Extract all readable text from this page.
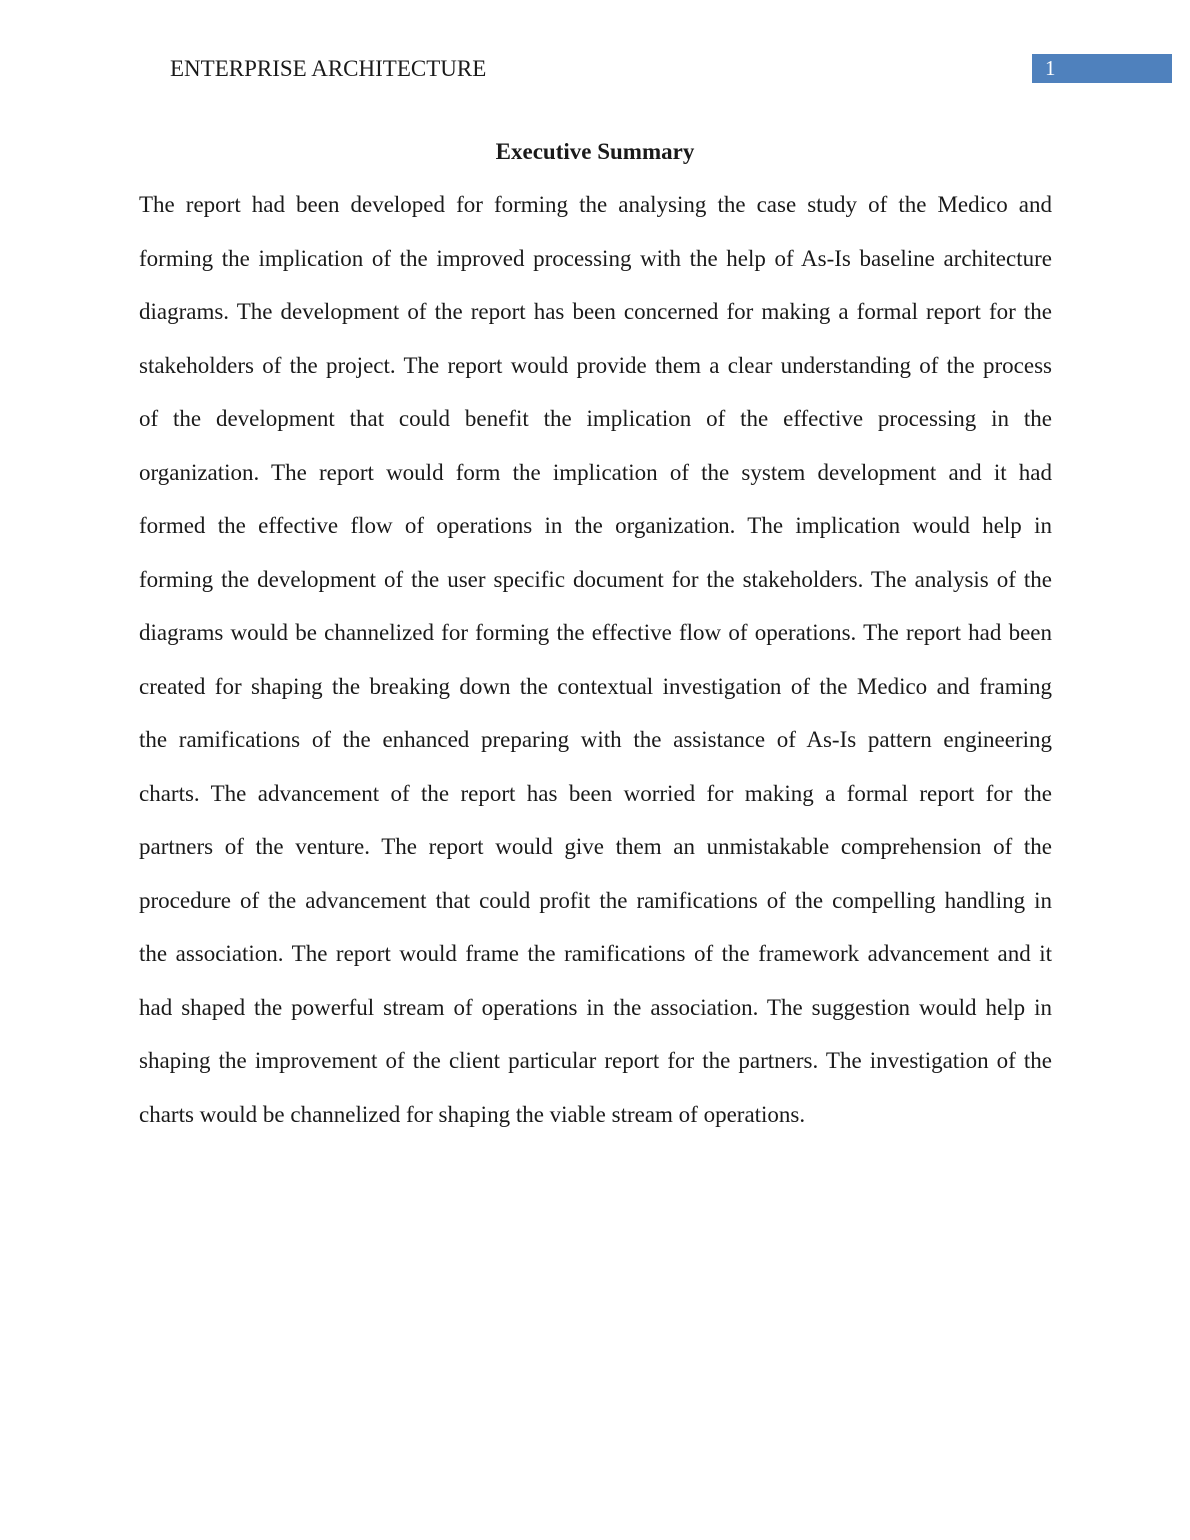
ENTERPRISE ARCHITECTURE	1
Executive Summary
The report had been developed for forming the analysing the case study of the Medico and
forming the implication of the improved processing with the help of As-Is baseline architecture
diagrams. The development of the report has been concerned for making a formal report for the
stakeholders of the project. The report would provide them a clear understanding of the process
of the development that could benefit the implication of the effective processing in the
organization. The report would form the implication of the system development and it had
formed the effective flow of operations in the organization. The implication would help in
forming the development of the user specific document for the stakeholders. The analysis of the
diagrams would be channelized for forming the effective flow of operations. The report had been
created for shaping the breaking down the contextual investigation of the Medico and framing
the ramifications of the enhanced preparing with the assistance of As-Is pattern engineering
charts. The advancement of the report has been worried for making a formal report for the
partners of the venture. The report would give them an unmistakable comprehension of the
procedure of the advancement that could profit the ramifications of the compelling handling in
the association. The report would frame the ramifications of the framework advancement and it
had shaped the powerful stream of operations in the association. The suggestion would help in
shaping the improvement of the client particular report for the partners. The investigation of the
charts would be channelized for shaping the viable stream of operations.
